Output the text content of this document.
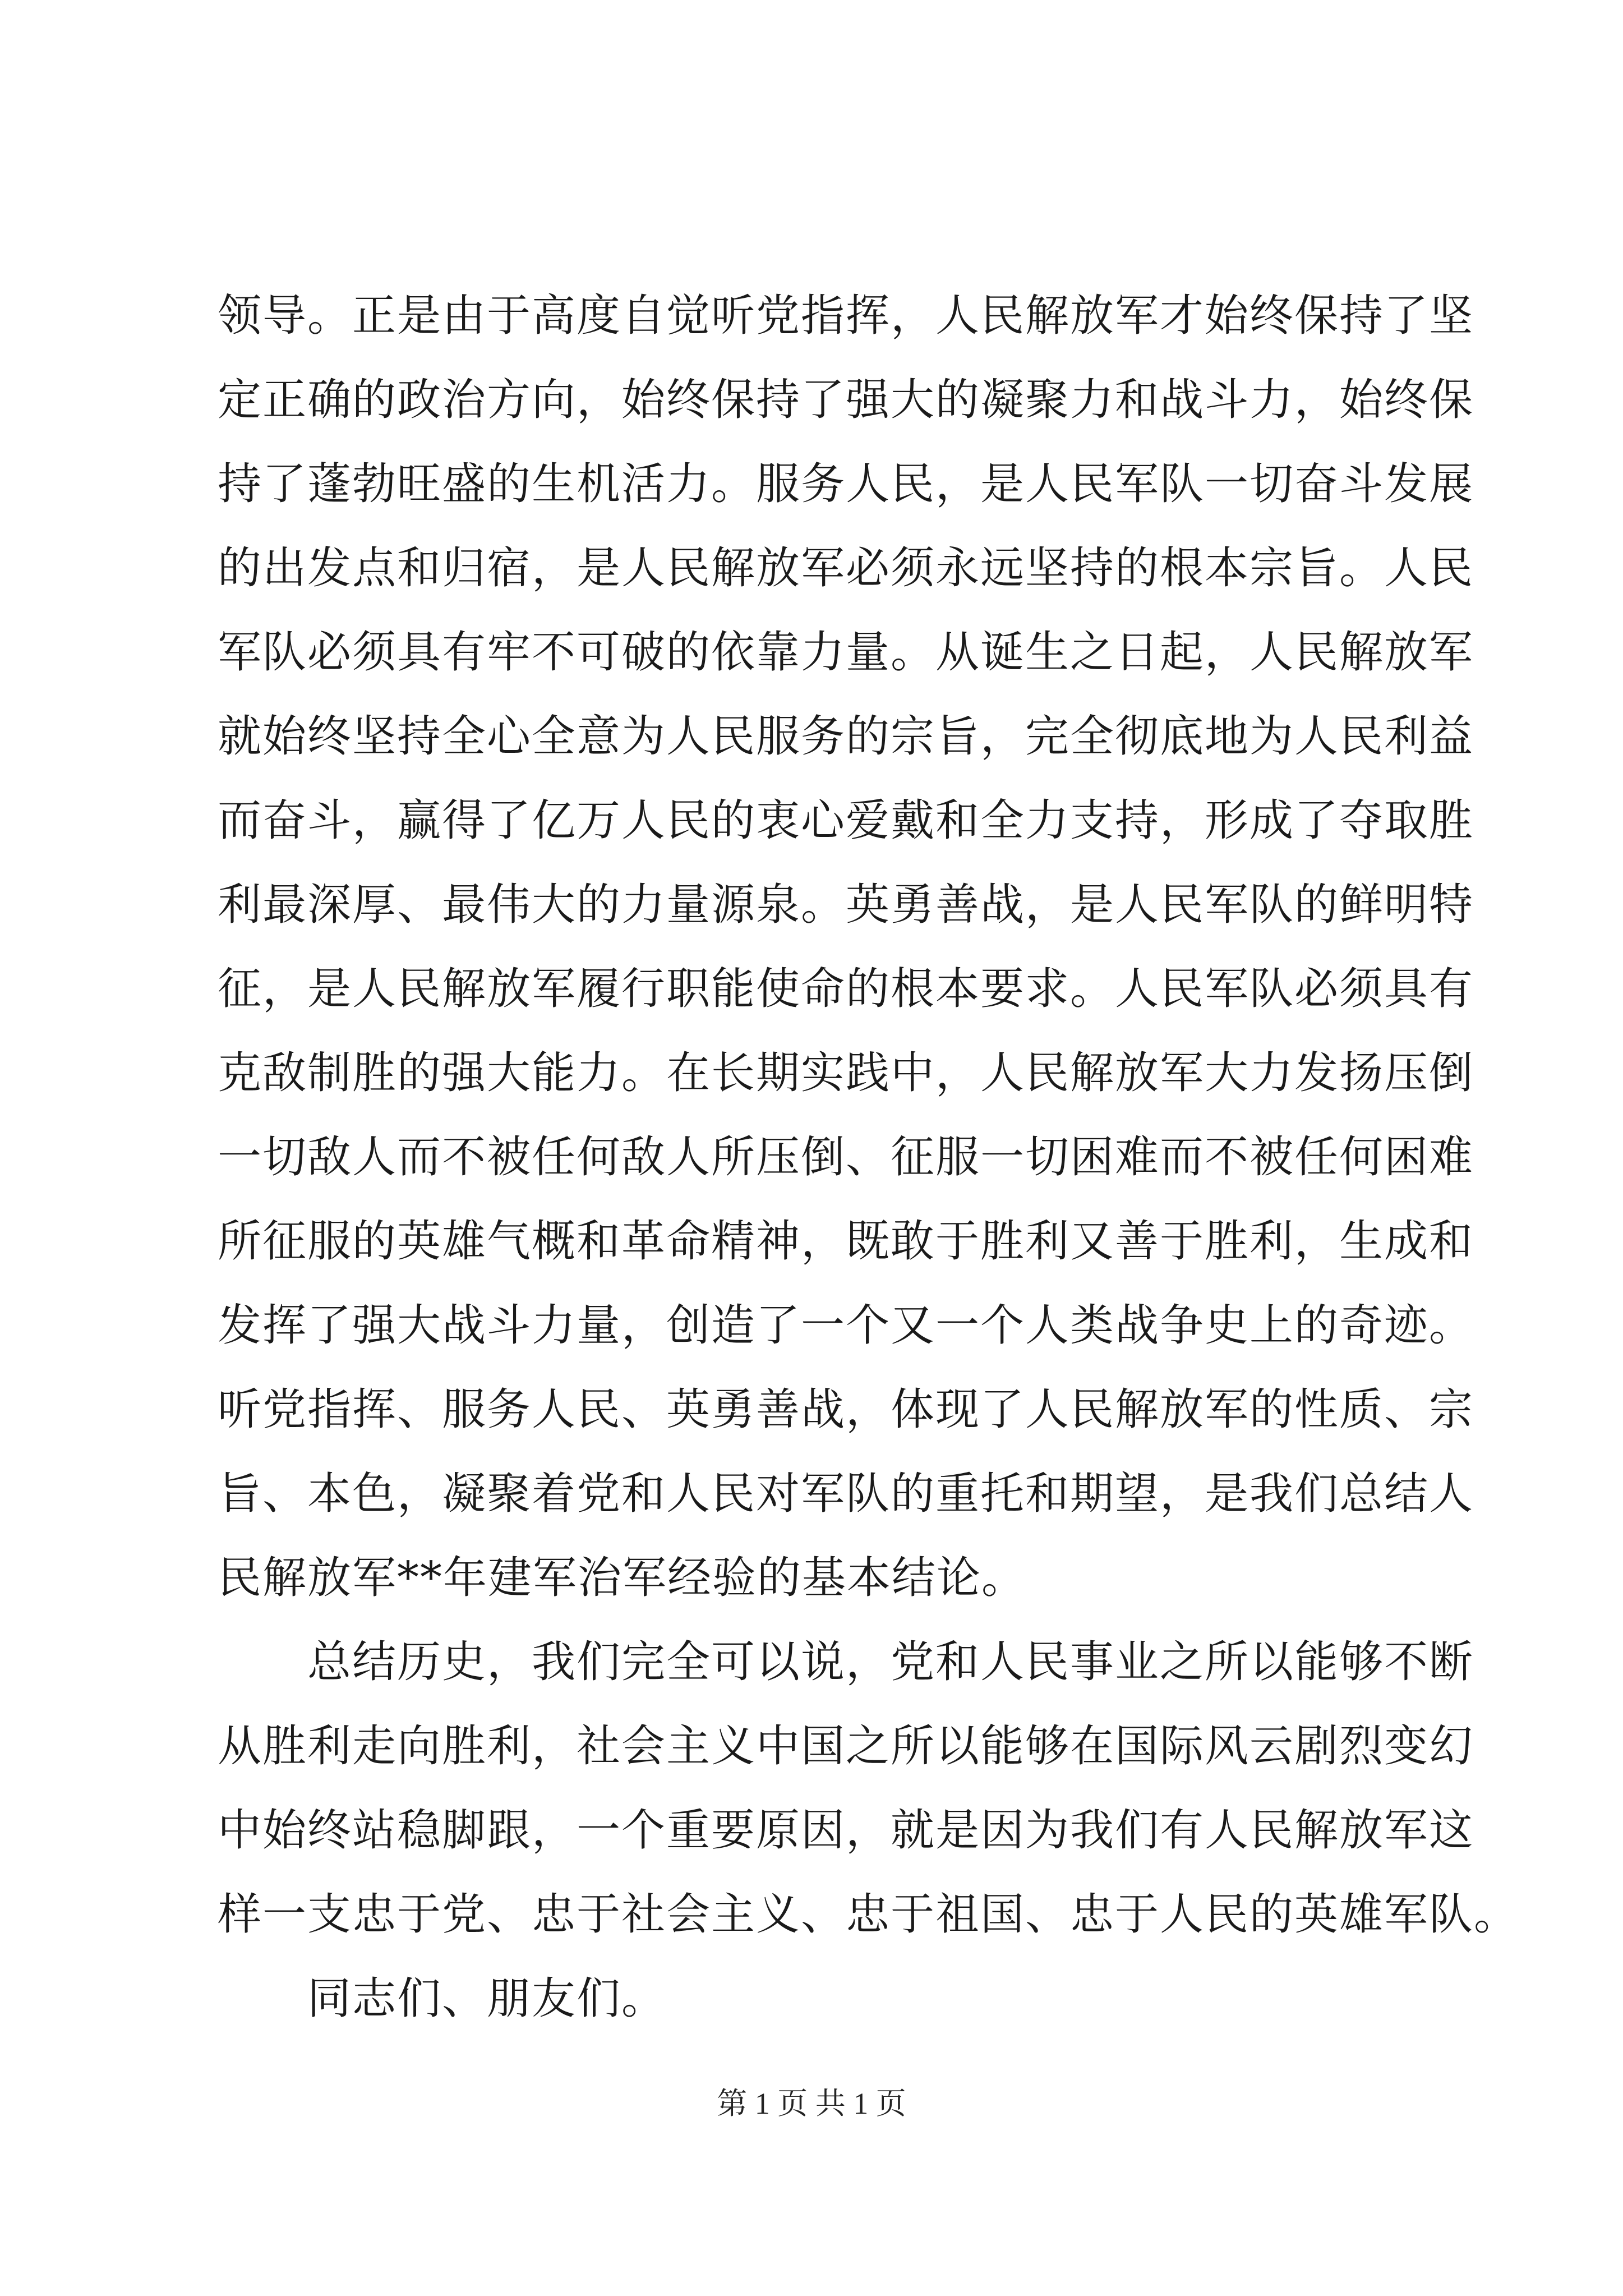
领导。正是由于高度自觉听党指挥，人民解放军才始终保持了坚
定正确的政治方向，始终保持了强大的凝聚力和战斗力，始终保
持了蓬勃旺盛的生机活力。服务人民，是人民军队一切奋斗发展
的出发点和归宿，是人民解放军必须永远坚持的根本宗旨。人民
军队必须具有牢不可破的依靠力量。从诞生之日起，人民解放军
就始终坚持全心全意为人民服务的宗旨，完全彻底地为人民利益
而奋斗，赢得了亿万人民的衷心爱戴和全力支持，形成了夺取胜
利最深厚、最伟大的力量源泉。英勇善战，是人民军队的鲜明特
征，是人民解放军履行职能使命的根本要求。人民军队必须具有
克敌制胜的强大能力。在长期实践中，人民解放军大力发扬压倒
一切敌人而不被任何敌人所压倒、征服一切困难而不被任何困难
所征服的英雄气概和革命精神，既敢于胜利又善于胜利，生成和
发挥了强大战斗力量，创造了一个又一个人类战争史上的奇迹。
听党指挥、服务人民、英勇善战，体现了人民解放军的性质、宗
旨、本色，凝聚着党和人民对军队的重托和期望，是我们总结人
民解放军**年建军治军经验的基本结论。
总结历史，我们完全可以说，党和人民事业之所以能够不断
从胜利走向胜利，社会主义中国之所以能够在国际风云剧烈变幻
中始终站稳脚跟，一个重要原因，就是因为我们有人民解放军这
样一支忠于党、忠于社会主义、忠于祖国、忠于人民的英雄军队。
同志们、朋友们。
第 1 页 共 1 页
